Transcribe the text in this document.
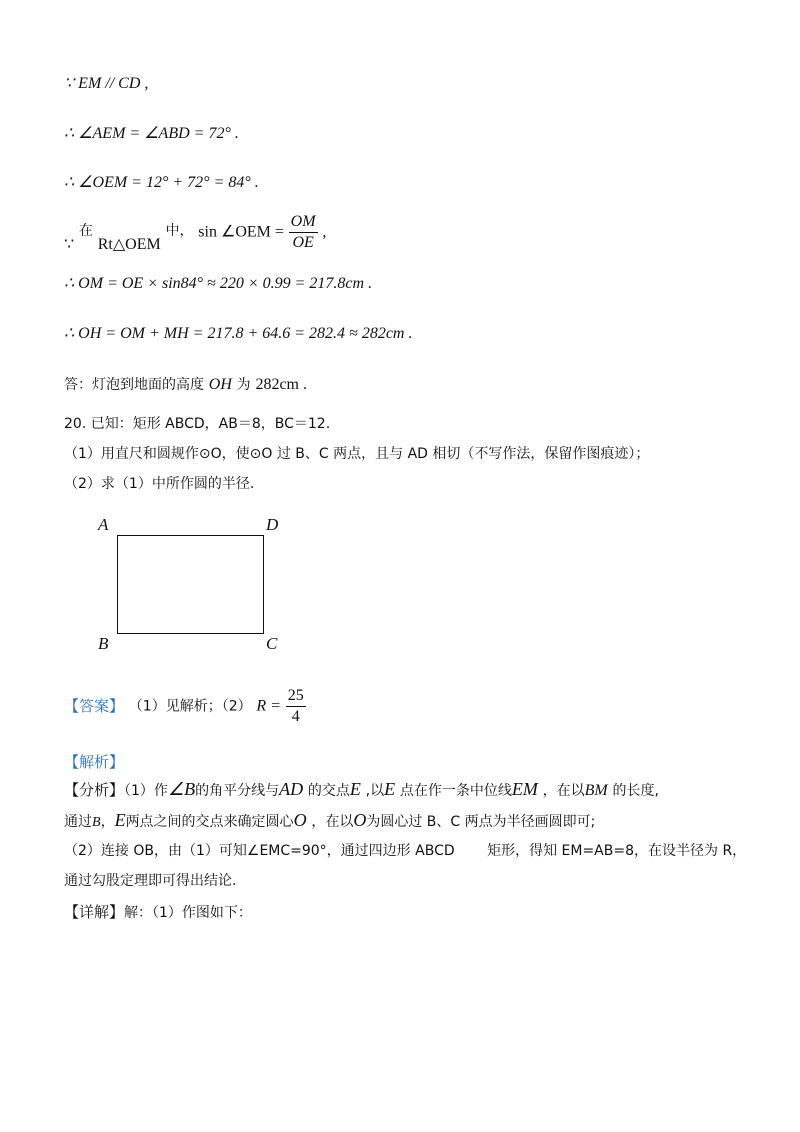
∵ EM // CD ,
∴ ∠AEM = ∠ABD = 72° .
∴ ∠OEM = 12° + 72° = 84° .
∵ 在 Rt△OEM 中， sin ∠OEM = $\frac{OM}{OE}$ ,
∴ OM = OE × sin84° ≈ 220 × 0.99 = 217.8cm .
∴ OH = OM + MH = 217.8 + 64.6 = 282.4 ≈ 282cm .
答：灯泡到地面的高度 OH 为 282cm .
20. 已知：矩形 ABCD，AB＝8，BC＝12.
（1）用直尺和圆规作⊙O，使⊙O 过 B、C 两点，且与 AD 相切（不写作法，保留作图痕迹）；
（2）求（1）中所作圆的半径.
A	D
B	C
【答案】 （1）见解析；（2） $R = \frac{25}{4}$
【解析】
【分析】（1）作∠B的角平分线与AD 的交点E ,以E 点在作一条中位线EM ，在以BM 的长度,
通过B，E两点之间的交点来确定圆心O ，在以O为圆心过 B、C 两点为半径画圆即可;
（2）连接 OB，由（1）可知∠EMC=90°，通过四边形 ABCD　　 矩形，得知 EM=AB=8，在设半径为 R，
通过勾股定理即可得出结论.
【详解】解：（1）作图如下：
